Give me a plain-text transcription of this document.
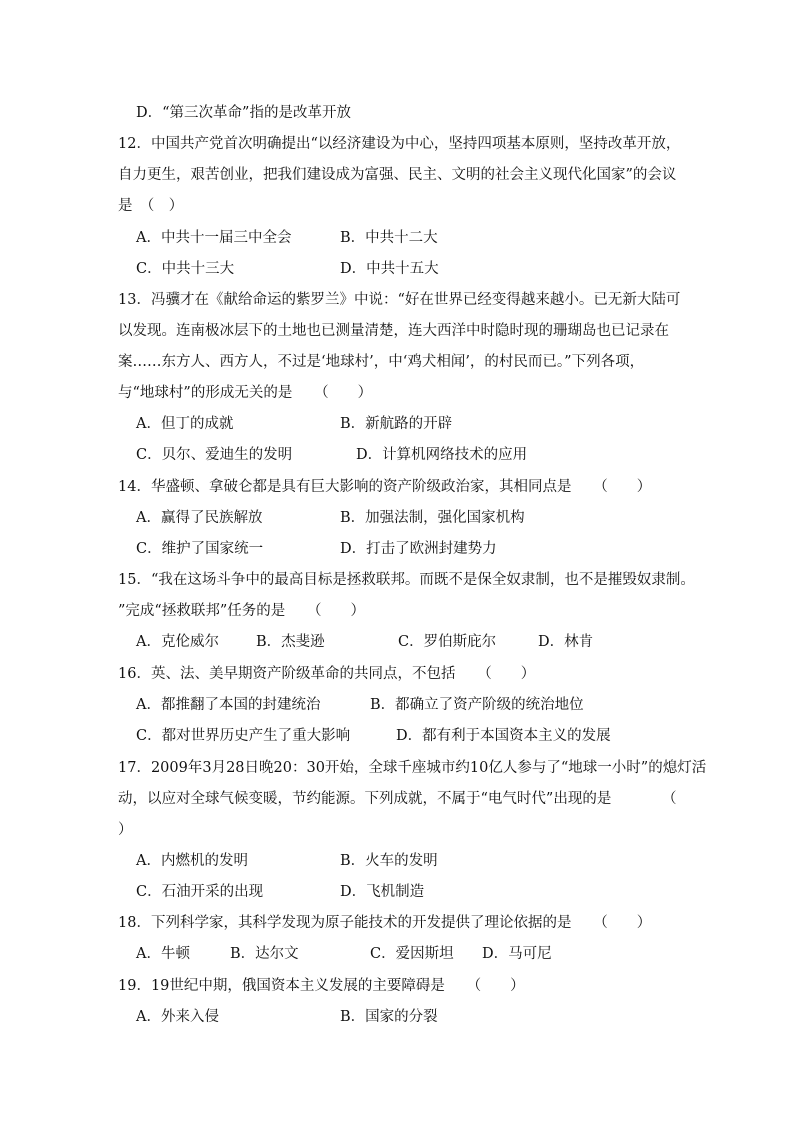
D．“第三次革命”指的是改革开放
12．中国共产党首次明确提出“以经济建设为中心，坚持四项基本原则，坚持改革开放，
自力更生，艰苦创业，把我们建设成为富强、民主、文明的社会主义现代化国家”的会议
是　（　）
A．中共十一届三中全会	B．中共十二大
C．中共十三大	D．中共十五大
13．冯骥才在《献给命运的紫罗兰》中说：“好在世界已经变得越来越小。已无新大陆可
以发现。连南极冰层下的土地也已测量清楚，连大西洋中时隐时现的珊瑚岛也已记录在
案……东方人、西方人，不过是‘地球村’，中‘鸡犬相闻’，的村民而已。”下列各项，
与“地球村”的形成无关的是　　（　　）
A．但丁的成就	B．新航路的开辟
C．贝尔、爱迪生的发明	D．计算机网络技术的应用
14．华盛顿、拿破仑都是具有巨大影响的资产阶级政治家，其相同点是　　（　　）
A．赢得了民族解放	B．加强法制，强化国家机构
C．维护了国家统一	D．打击了欧洲封建势力
15．“我在这场斗争中的最高目标是拯救联邦。而既不是保全奴隶制，也不是摧毁奴隶制。
”完成“拯救联邦”任务的是　　（　　）
A．克伦威尔	B．杰斐逊	C．罗伯斯庇尔	D．林肯
16．英、法、美早期资产阶级革命的共同点，不包括　　（　　）
A．都推翻了本国的封建统治	B．都确立了资产阶级的统治地位
C．都对世界历史产生了重大影响	D．都有利于本国资本主义的发展
17．2009年3月28日晚20：30开始，全球千座城市约10亿人参与了“地球一小时”的熄灯活
动，以应对全球气候变暖，节约能源。下列成就，不属于“电气时代”出现的是	（
）
A．内燃机的发明	B．火车的发明
C．石油开采的出现	D．飞机制造
18．下列科学家，其科学发现为原子能技术的开发提供了理论依据的是　　（　　）
A．牛顿	B．达尔文	C．爱因斯坦 D．马可尼
19．19世纪中期，俄国资本主义发展的主要障碍是　　（　　）
A．外来入侵	B．国家的分裂
